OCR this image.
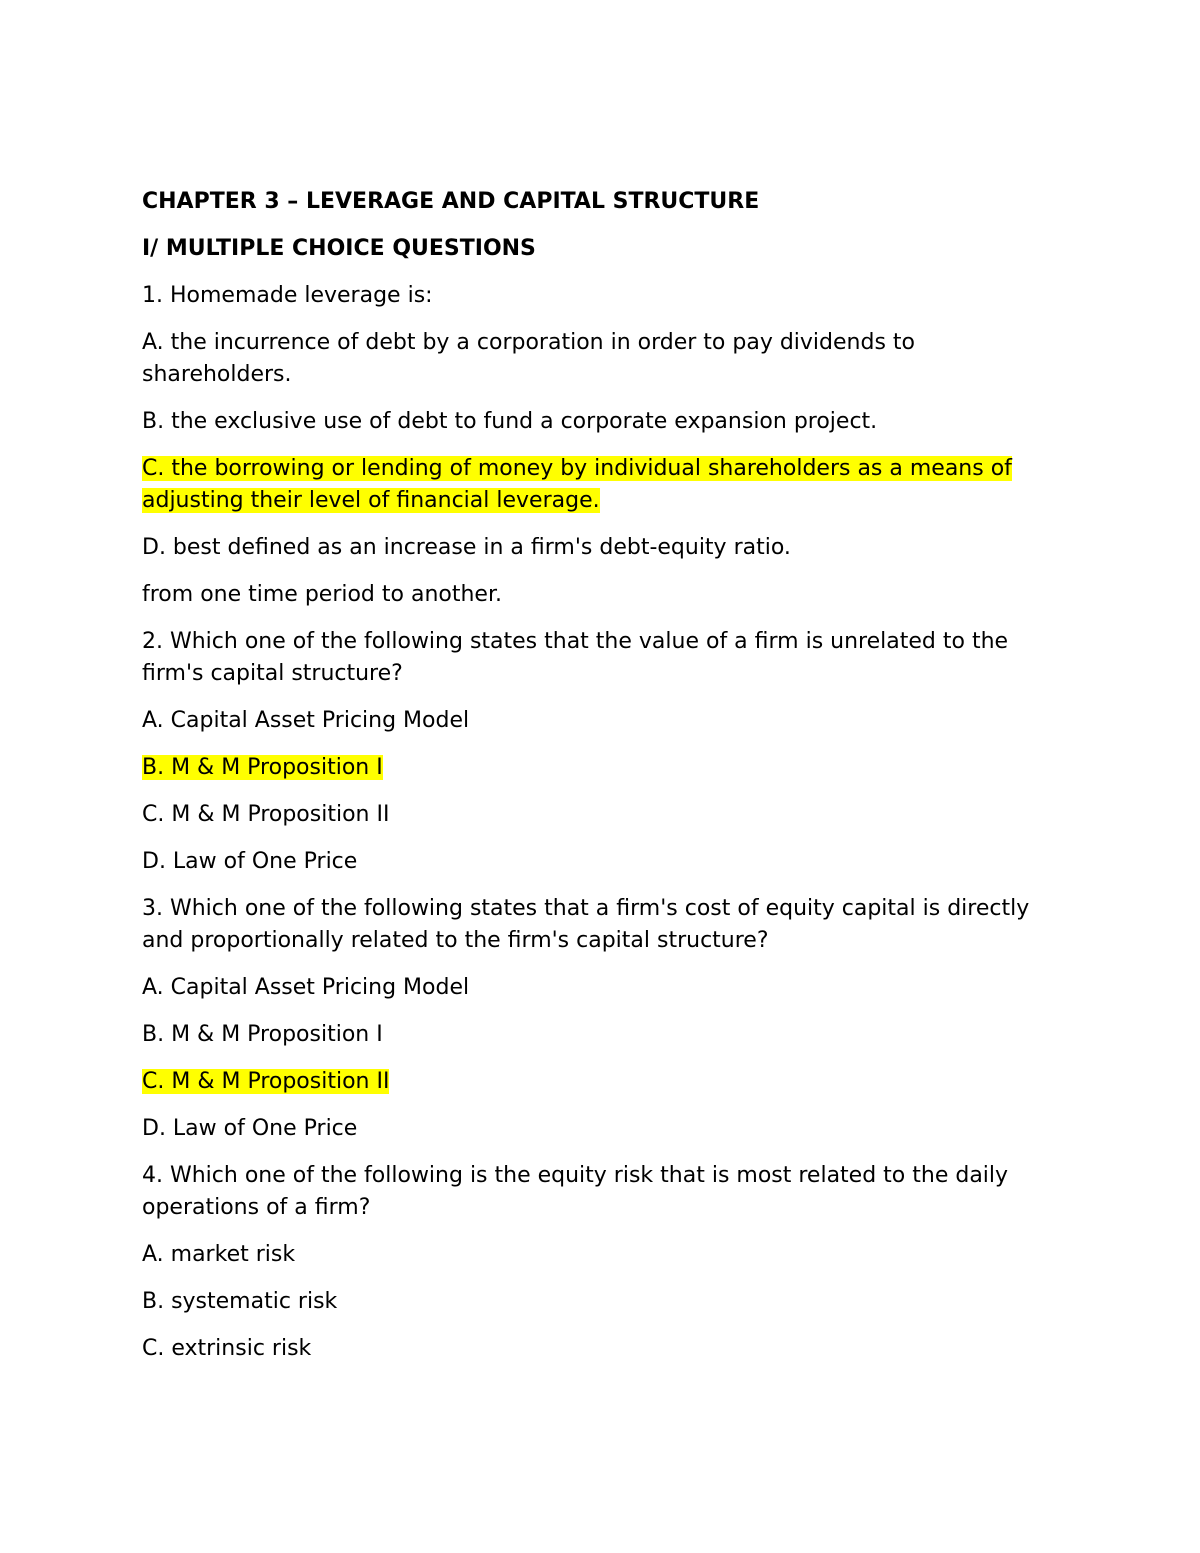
CHAPTER 3 – LEVERAGE AND CAPITAL STRUCTURE
I/ MULTIPLE CHOICE QUESTIONS
1. Homemade leverage is:
A. the incurrence of debt by a corporation in order to pay dividends to shareholders.
B. the exclusive use of debt to fund a corporate expansion project.
C. the borrowing or lending of money by individual shareholders as a means of adjusting their level of financial leverage.
D. best defined as an increase in a firm's debt-equity ratio.
from one time period to another.
2. Which one of the following states that the value of a firm is unrelated to the firm's capital structure?
A. Capital Asset Pricing Model
B. M & M Proposition I
C. M & M Proposition II
D. Law of One Price
3. Which one of the following states that a firm's cost of equity capital is directly and proportionally related to the firm's capital structure?
A. Capital Asset Pricing Model
B. M & M Proposition I
C. M & M Proposition II
D. Law of One Price
4. Which one of the following is the equity risk that is most related to the daily operations of a firm?
A. market risk
B. systematic risk
C. extrinsic risk
